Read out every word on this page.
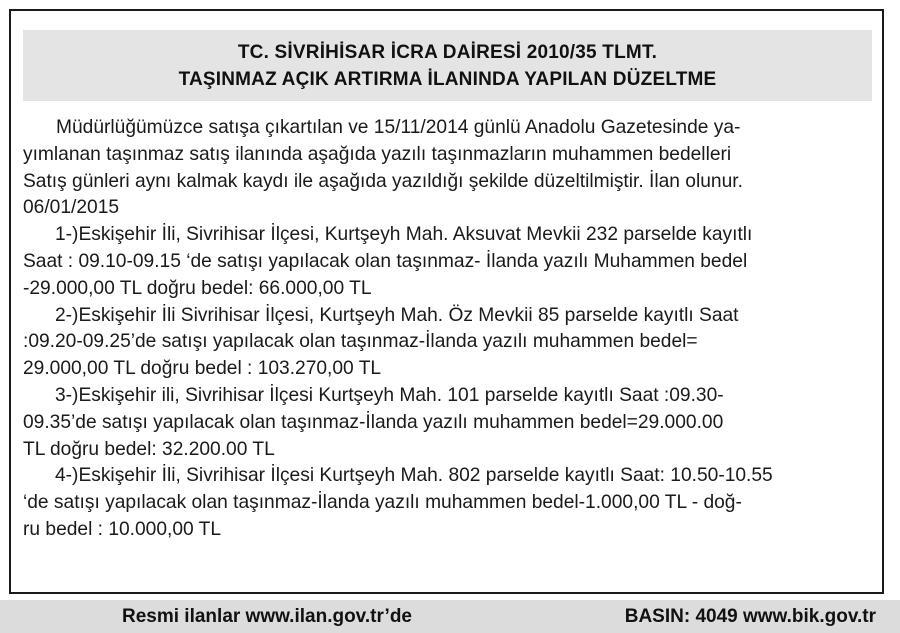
TC. SİVRİHİSAR İCRA DAİRESİ 2010/35 TLMT.
TAŞINMAZ AÇIK ARTIRMA İLANINDA YAPILAN DÜZELTME
Müdürlüğümüzce satışa çıkartılan ve 15/11/2014 günlü Anadolu Gazetesinde ya-
yımlanan taşınmaz satış ilanında aşağıda yazılı taşınmazların muhammen bedelleri
Satış günleri aynı kalmak kaydı ile aşağıda yazıldığı şekilde düzeltilmiştir. İlan olunur.
06/01/2015
1-)Eskişehir İli, Sivrihisar İlçesi, Kurtşeyh Mah. Aksuvat Mevkii 232 parselde kayıtlı
Saat : 09.10-09.15 ‘de satışı yapılacak olan taşınmaz- İlanda yazılı Muhammen bedel
-29.000,00 TL doğru bedel: 66.000,00 TL
2-)Eskişehir İli Sivrihisar İlçesi, Kurtşeyh Mah. Öz Mevkii 85 parselde kayıtlı Saat
:09.20-09.25’de satışı yapılacak olan taşınmaz-İlanda yazılı muhammen bedel=
29.000,00 TL doğru bedel : 103.270,00 TL
3-)Eskişehir ili, Sivrihisar İlçesi Kurtşeyh Mah. 101 parselde kayıtlı Saat :09.30-
09.35’de satışı yapılacak olan taşınmaz-İlanda yazılı muhammen bedel=29.000.00
TL doğru bedel: 32.200.00 TL
4-)Eskişehir İli, Sivrihisar İlçesi Kurtşeyh Mah. 802 parselde kayıtlı Saat: 10.50-10.55
‘de satışı yapılacak olan taşınmaz-İlanda yazılı muhammen bedel-1.000,00 TL - doğ-
ru bedel : 10.000,00 TL
Resmi ilanlar www.ilan.gov.tr’de	BASIN: 4049 www.bik.gov.tr
